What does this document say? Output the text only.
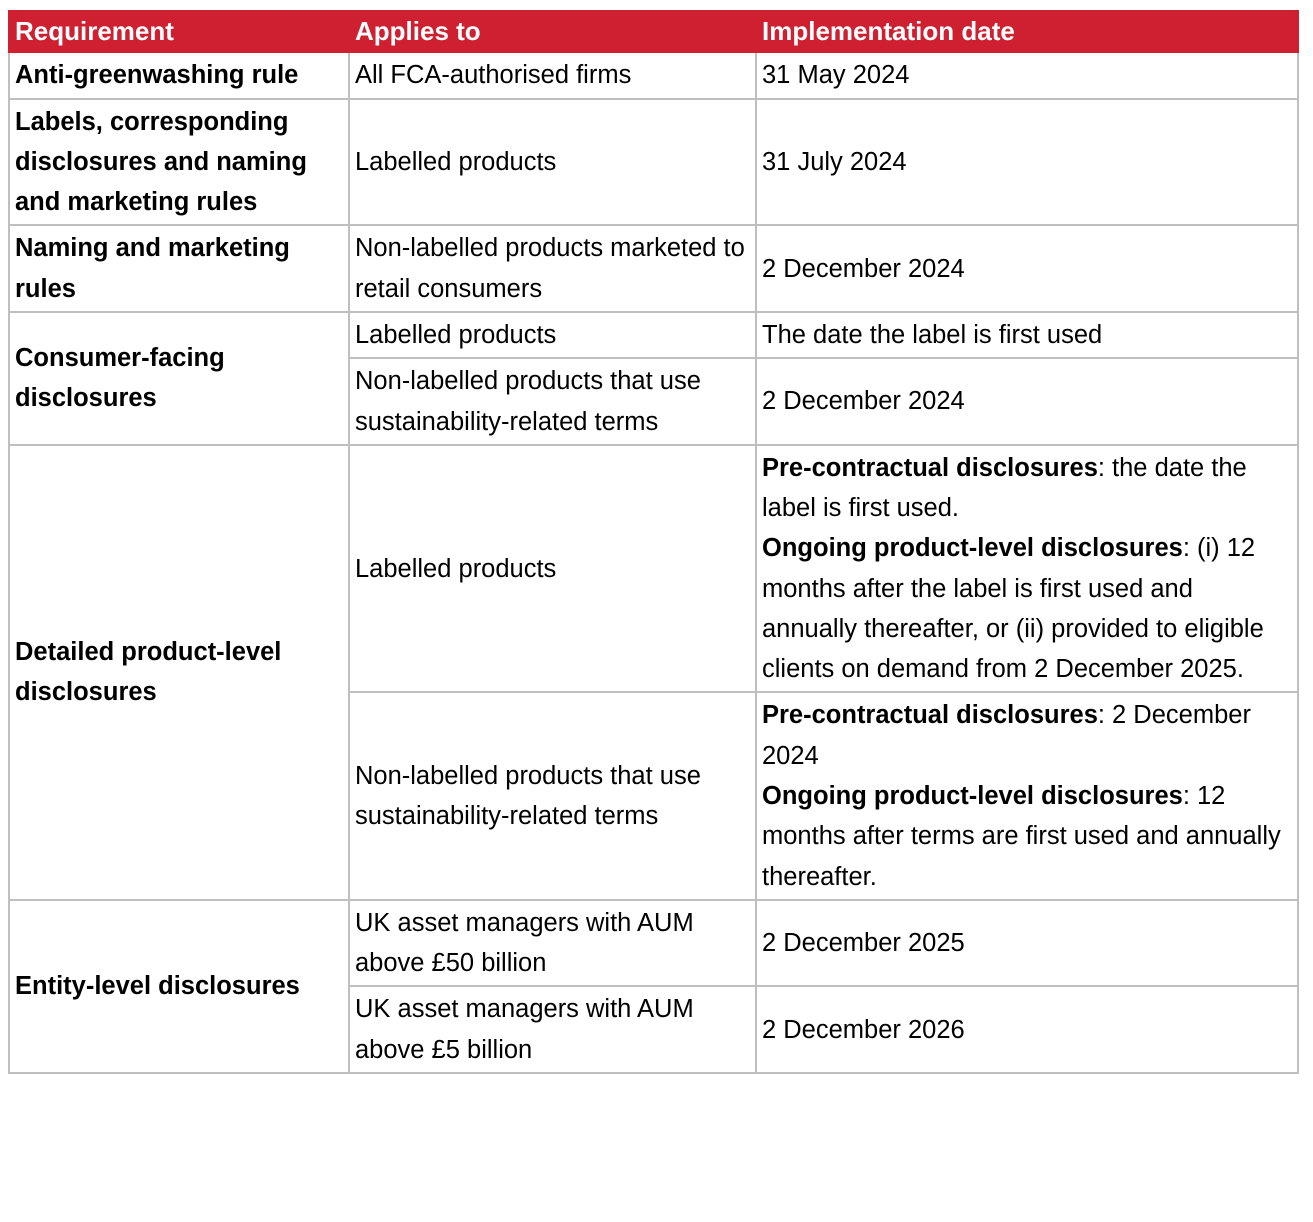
Requirement	Applies to	Implementation date
Anti-greenwashing rule	All FCA-authorised firms	31 May 2024
Labels, corresponding disclosures and naming and marketing rules	Labelled products	31 July 2024
Naming and marketing rules	Non-labelled products marketed to retail consumers	2 December 2024
Consumer-facing disclosures	Labelled products	The date the label is first used
	Non-labelled products that use sustainability-related terms	2 December 2024
Detailed product-level disclosures	Labelled products	Pre-contractual disclosures: the date the label is first used.
Ongoing product-level disclosures: (i) 12 months after the label is first used and annually thereafter, or (ii) provided to eligible clients on demand from 2 December 2025.

	Non-labelled products that use sustainability-related terms	Pre-contractual disclosures: 2 December 2024
Ongoing product-level disclosures: 12 months after terms are first used and annually thereafter.

Entity-level disclosures	UK asset managers with AUM above £50 billion	2 December 2025
	UK asset managers with AUM above £5 billion	2 December 2026
